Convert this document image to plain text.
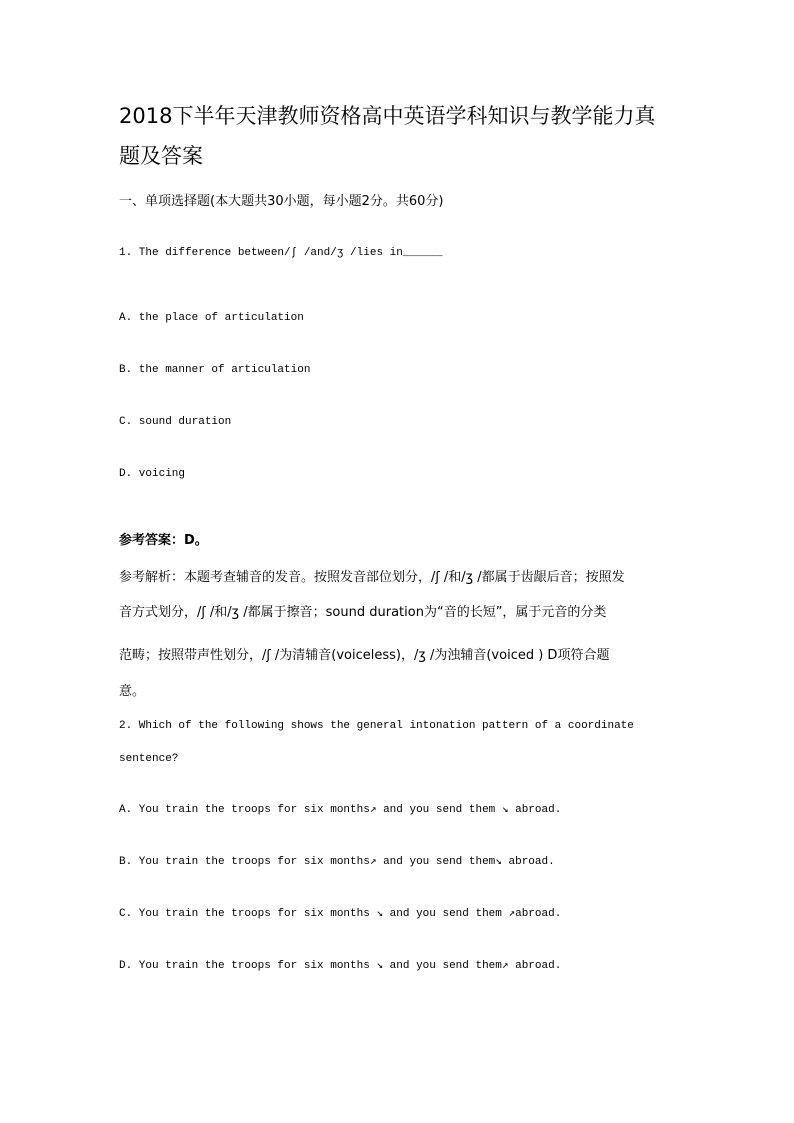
2018下半年天津教师资格高中英语学科知识与教学能力真
题及答案
一、单项选择题(本大题共30小题，每小题2分。共60分)
1. The difference between/ʃ /and/ʒ /lies in______
A. the place of articulation
B. the manner of articulation
C. sound duration
D. voicing
参考答案：D。
参考解析：本题考查辅音的发音。按照发音部位划分，/ʃ /和/ʒ /都属于齿龈后音；按照发
音方式划分，/ʃ /和/ʒ /都属于擦音；sound duration为“音的长短”，属于元音的分类
范畴；按照带声性划分，/ʃ /为清辅音(voiceless)，/ʒ /为浊辅音(voiced ) D项符合题
意。
2. Which of the following shows the general intonation pattern of a coordinate
sentence?
A. You train the troops for six months↗ and you send them ↘ abroad.
B. You train the troops for six months↗ and you send them↘ abroad.
C. You train the troops for six months ↘ and you send them ↗abroad.
D. You train the troops for six months ↘ and you send them↗ abroad.
